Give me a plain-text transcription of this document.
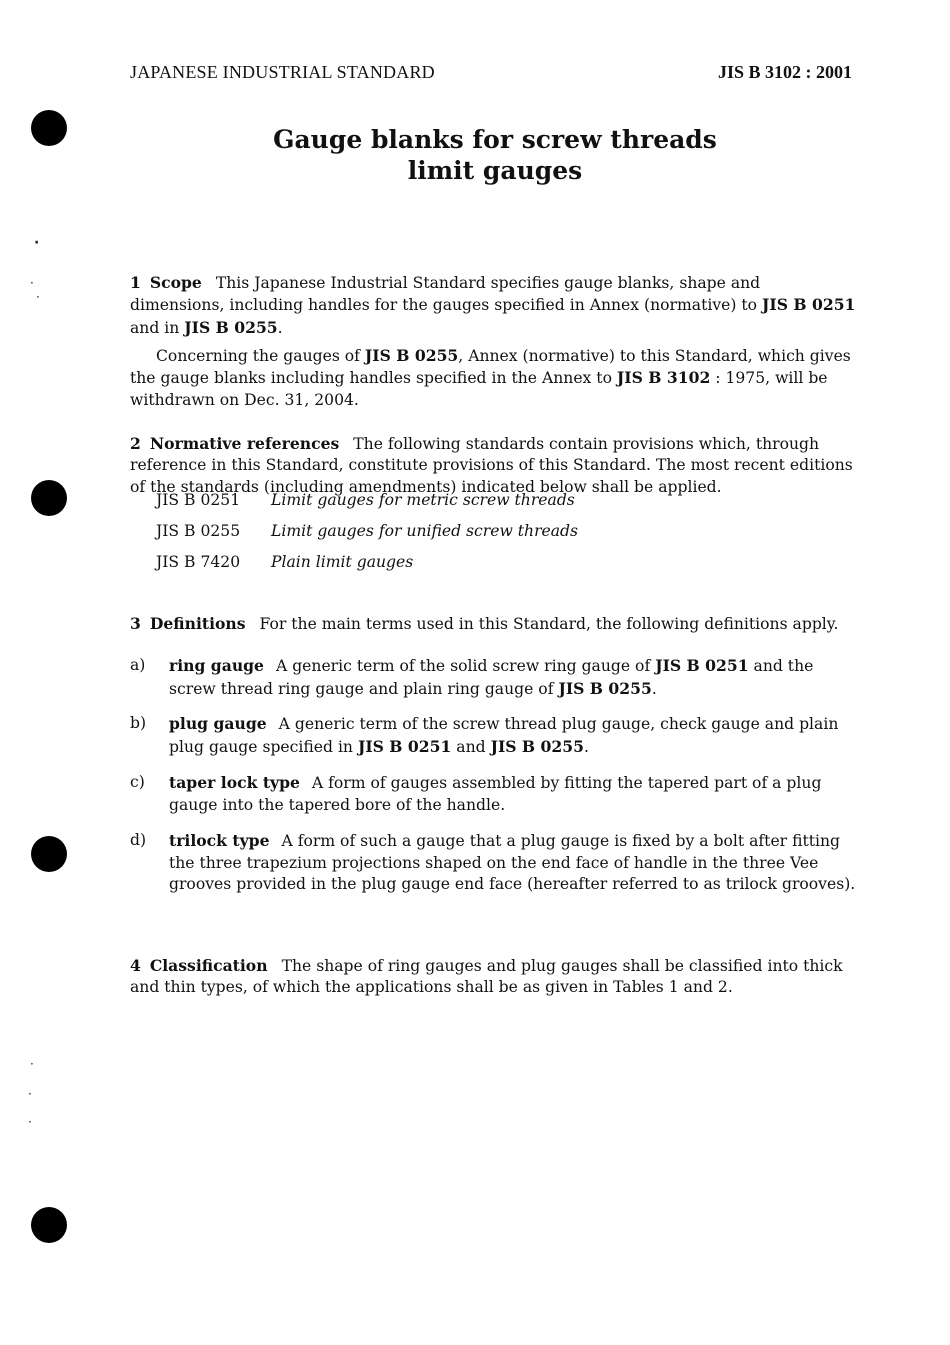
·
·
·
·
·
·
JAPANESE INDUSTRIAL STANDARD	JIS B 3102 : 2001
Gauge blanks for screw threads
limit gauges

1 Scope This Japanese Industrial Standard specifies gauge blanks, shape and dimensions, including handles for the gauges specified in Annex (normative) to JIS B 0251 and in JIS B 0255.

Concerning the gauges of JIS B 0255, Annex (normative) to this Standard, which gives the gauge blanks including handles specified in the Annex to JIS B 3102 : 1975, will be withdrawn on Dec. 31, 2004.

2 Normative references The following standards contain provisions which, through reference in this Standard, constitute provisions of this Standard. The most recent editions of the standards (including amendments) indicated below shall be applied.

JIS B 0251 Limit gauges for metric screw threads
JIS B 0255 Limit gauges for unified screw threads
JIS B 7420 Plain limit gauges

3 Definitions For the main terms used in this Standard, the following definitions apply.

a) ring gauge A generic term of the solid screw ring gauge of JIS B 0251 and the screw thread ring gauge and plain ring gauge of JIS B 0255.
b) plug gauge A generic term of the screw thread plug gauge, check gauge and plain plug gauge specified in JIS B 0251 and JIS B 0255.
c) taper lock type A form of gauges assembled by fitting the tapered part of a plug gauge into the tapered bore of the handle.
d) trilock type A form of such a gauge that a plug gauge is fixed by a bolt after fitting the three trapezium projections shaped on the end face of handle in the three Vee grooves provided in the plug gauge end face (hereafter referred to as trilock grooves).

4 Classification The shape of ring gauges and plug gauges shall be classified into thick and thin types, of which the applications shall be as given in Tables 1 and 2.
